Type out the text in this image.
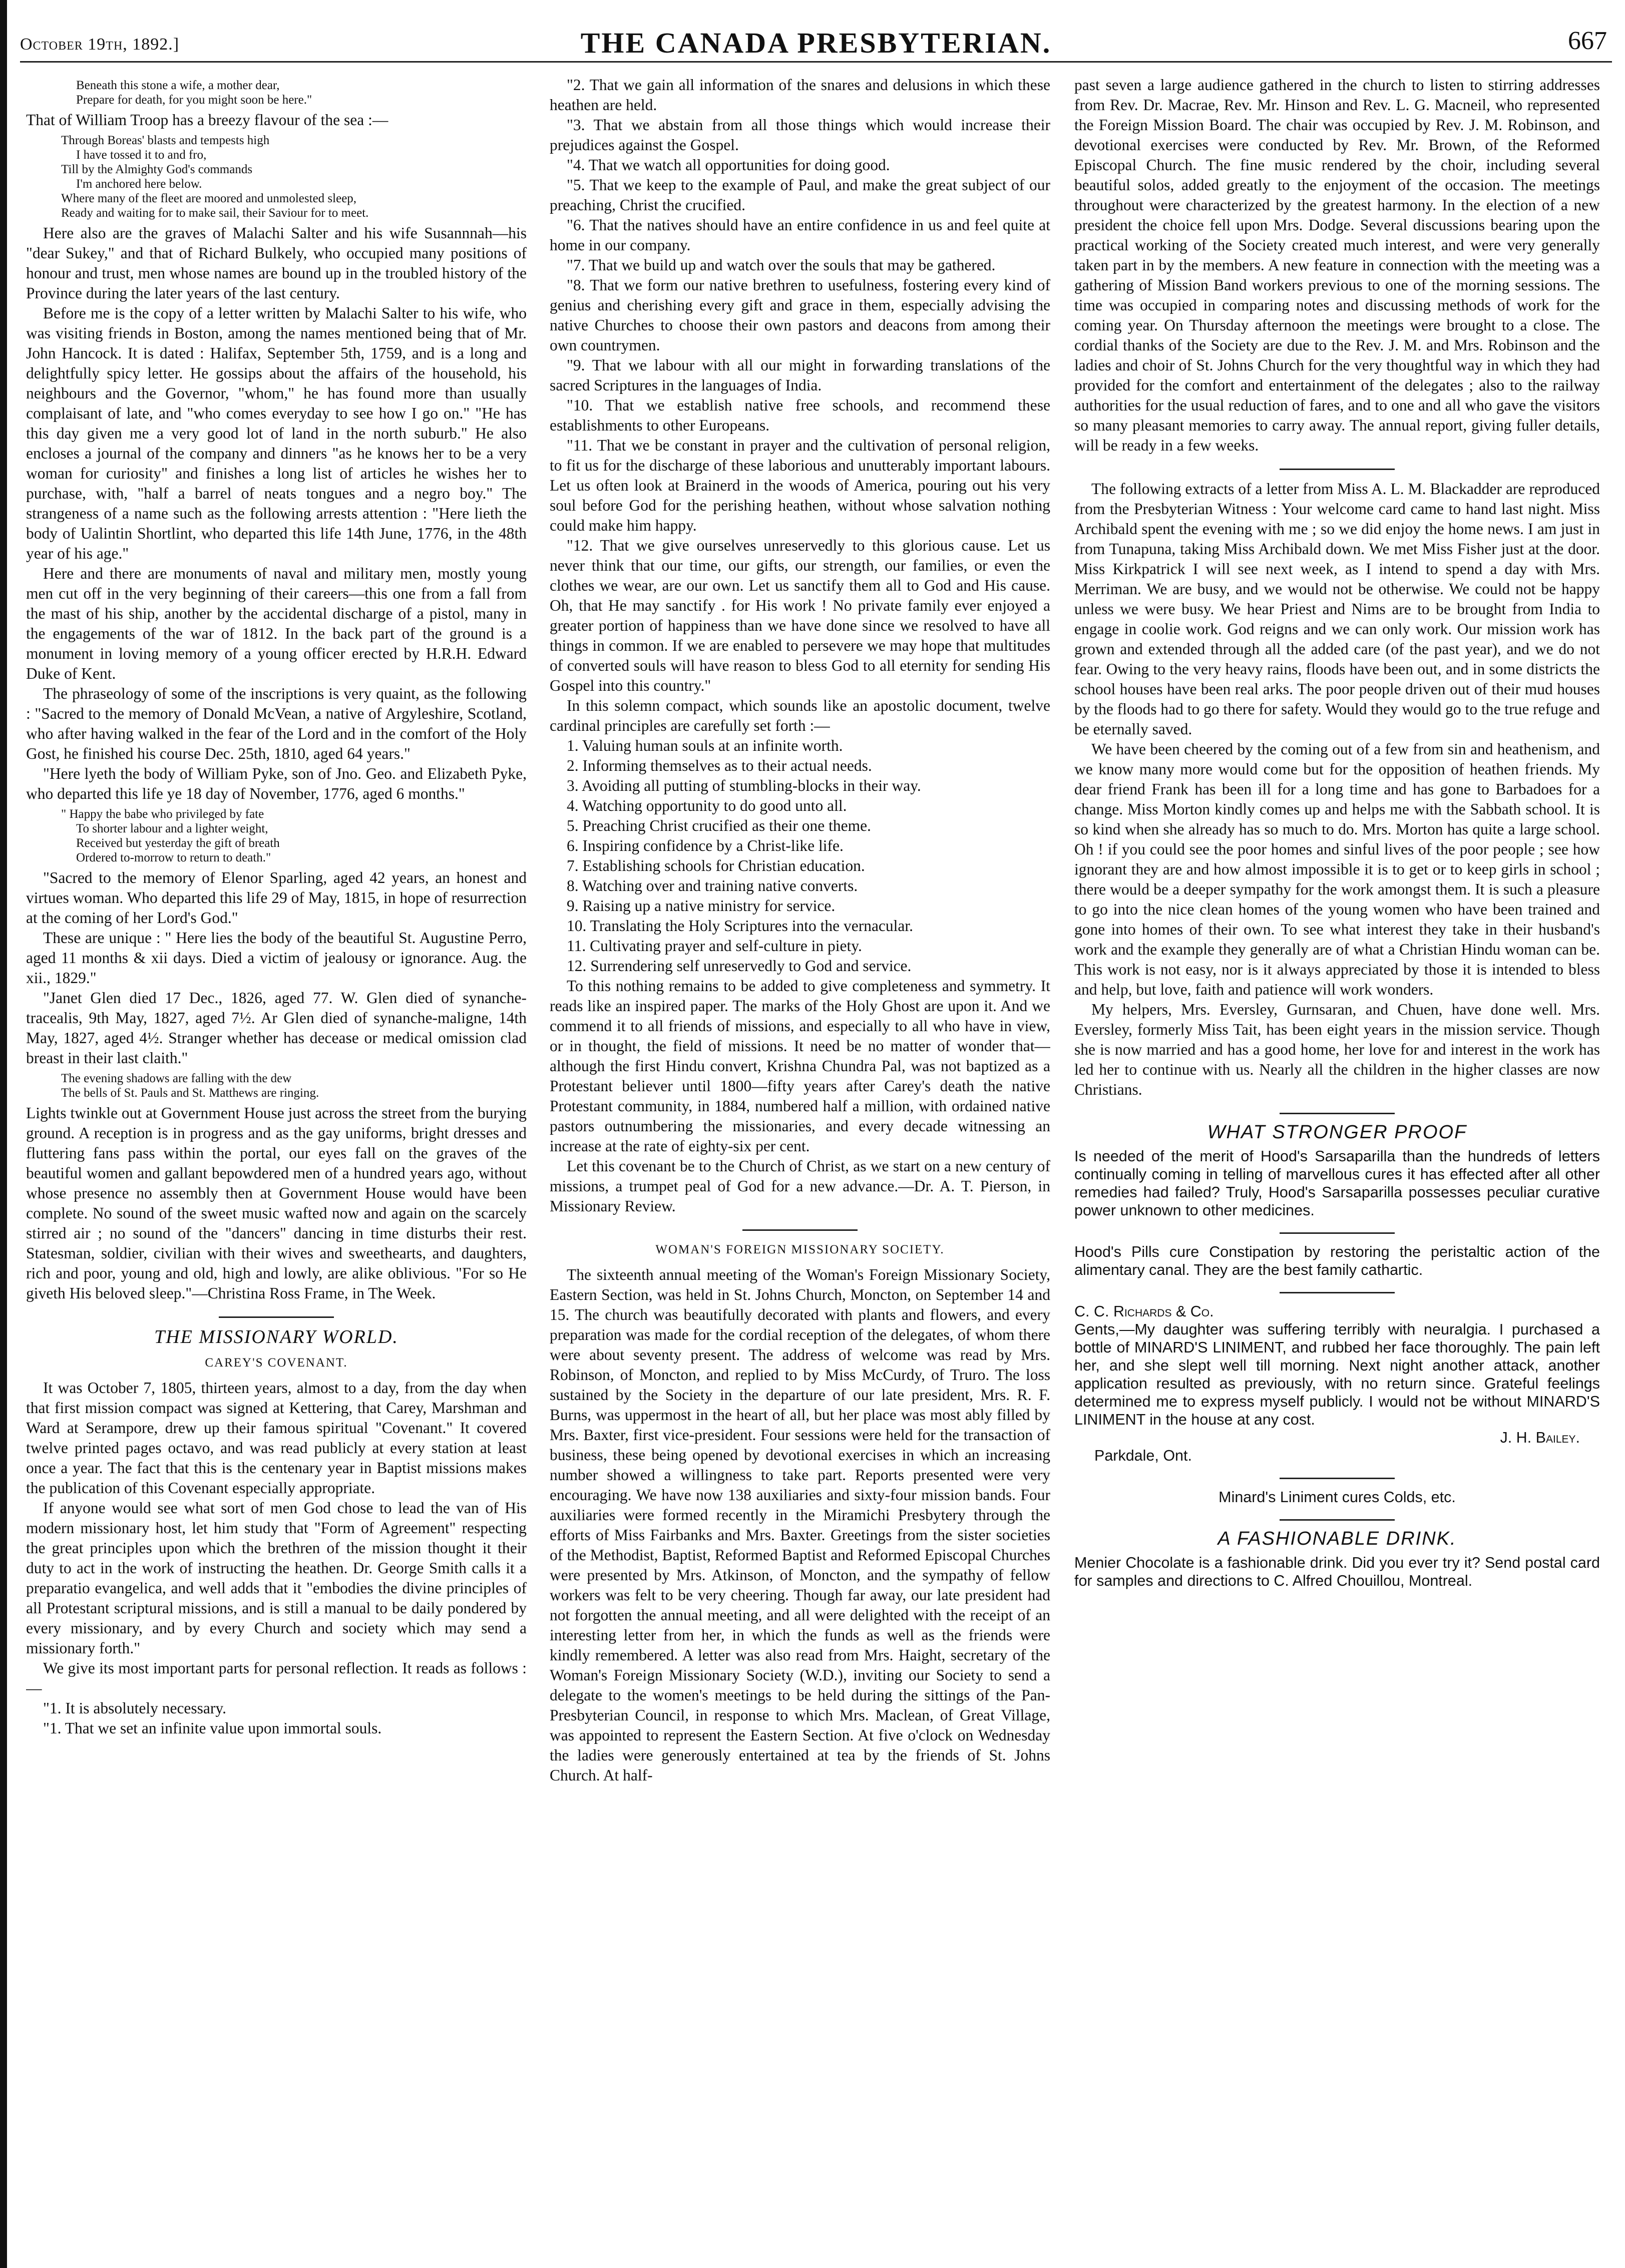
October 19th, 1892.]	THE CANADA PRESBYTERIAN.	667
Beneath this stone a wife, a mother dear,
Prepare for death, for you might soon be here."

That of William Troop has a breezy flavour of the sea :—

Through Boreas' blasts and tempests high
I have tossed it to and fro,
Till by the Almighty God's commands
I'm anchored here below.
Where many of the fleet are moored and unmolested sleep,
Ready and waiting for to make sail, their Saviour for to meet.

Here also are the graves of Malachi Salter and his wife Susannnah—his "dear Sukey," and that of Richard Bulkely, who occupied many positions of honour and trust, men whose names are bound up in the troubled history of the Province during the later years of the last century.

Before me is the copy of a letter written by Malachi Salter to his wife, who was visiting friends in Boston, among the names mentioned being that of Mr. John Hancock. It is dated : Halifax, September 5th, 1759, and is a long and delightfully spicy letter. He gossips about the affairs of the household, his neighbours and the Governor, "whom," he has found more than usually complaisant of late, and "who comes everyday to see how I go on." "He has this day given me a very good lot of land in the north suburb." He also encloses a journal of the company and dinners "as he knows her to be a very woman for curiosity" and finishes a long list of articles he wishes her to purchase, with, "half a barrel of neats tongues and a negro boy." The strangeness of a name such as the following arrests attention : "Here lieth the body of Ualintin Shortlint, who departed this life 14th June, 1776, in the 48th year of his age."

Here and there are monuments of naval and military men, mostly young men cut off in the very beginning of their careers—this one from a fall from the mast of his ship, another by the accidental discharge of a pistol, many in the engagements of the war of 1812. In the back part of the ground is a monument in loving memory of a young officer erected by H.R.H. Edward Duke of Kent.

The phraseology of some of the inscriptions is very quaint, as the following : "Sacred to the memory of Donald McVean, a native of Argyleshire, Scotland, who after having walked in the fear of the Lord and in the comfort of the Holy Gost, he finished his course Dec. 25th, 1810, aged 64 years."

"Here lyeth the body of William Pyke, son of Jno. Geo. and Elizabeth Pyke, who departed this life ye 18 day of November, 1776, aged 6 months."

" Happy the babe who privileged by fate
To shorter labour and a lighter weight,
Received but yesterday the gift of breath
Ordered to-morrow to return to death."

"Sacred to the memory of Elenor Sparling, aged 42 years, an honest and virtues woman. Who departed this life 29 of May, 1815, in hope of resurrection at the coming of her Lord's God."

These are unique : " Here lies the body of the beautiful St. Augustine Perro, aged 11 months & xii days. Died a victim of jealousy or ignorance. Aug. the xii., 1829."

"Janet Glen died 17 Dec., 1826, aged 77. W. Glen died of synanche-tracealis, 9th May, 1827, aged 7½. Ar Glen died of synanche-maligne, 14th May, 1827, aged 4½. Stranger whether has decease or medical omission clad breast in their last claith."

The evening shadows are falling with the dew
The bells of St. Pauls and St. Matthews are ringing.

Lights twinkle out at Government House just across the street from the burying ground. A reception is in progress and as the gay uniforms, bright dresses and fluttering fans pass within the portal, our eyes fall on the graves of the beautiful women and gallant bepowdered men of a hundred years ago, without whose presence no assembly then at Government House would have been complete. No sound of the sweet music wafted now and again on the scarcely stirred air ; no sound of the "dancers" dancing in time disturbs their rest. Statesman, soldier, civilian with their wives and sweethearts, and daughters, rich and poor, young and old, high and lowly, are alike oblivious. "For so He giveth His beloved sleep."—Christina Ross Frame, in The Week.

THE MISSIONARY WORLD.
CAREY'S COVENANT.

It was October 7, 1805, thirteen years, almost to a day, from the day when that first mission compact was signed at Kettering, that Carey, Marshman and Ward at Serampore, drew up their famous spiritual "Covenant." It covered twelve printed pages octavo, and was read publicly at every station at least once a year. The fact that this is the centenary year in Baptist missions makes the publication of this Covenant especially appropriate.

If anyone would see what sort of men God chose to lead the van of His modern missionary host, let him study that "Form of Agreement" respecting the great principles upon which the brethren of the mission thought it their duty to act in the work of instructing the heathen. Dr. George Smith calls it a preparatio evangelica, and well adds that it "embodies the divine principles of all Protestant scriptural missions, and is still a manual to be daily pondered by every missionary, and by every Church and society which may send a missionary forth."

We give its most important parts for personal reflection. It reads as follows :—

"1. It is absolutely necessary.

"1. That we set an infinite value upon immortal souls.

"2. That we gain all information of the snares and delusions in which these heathen are held.

"3. That we abstain from all those things which would increase their prejudices against the Gospel.

"4. That we watch all opportunities for doing good.

"5. That we keep to the example of Paul, and make the great subject of our preaching, Christ the crucified.

"6. That the natives should have an entire confidence in us and feel quite at home in our company.

"7. That we build up and watch over the souls that may be gathered.

"8. That we form our native brethren to usefulness, fostering every kind of genius and cherishing every gift and grace in them, especially advising the native Churches to choose their own pastors and deacons from among their own countrymen.

"9. That we labour with all our might in forwarding translations of the sacred Scriptures in the languages of India.

"10. That we establish native free schools, and recommend these establishments to other Europeans.

"11. That we be constant in prayer and the cultivation of personal religion, to fit us for the discharge of these laborious and unutterably important labours. Let us often look at Brainerd in the woods of America, pouring out his very soul before God for the perishing heathen, without whose salvation nothing could make him happy.

"12. That we give ourselves unreservedly to this glorious cause. Let us never think that our time, our gifts, our strength, our families, or even the clothes we wear, are our own. Let us sanctify them all to God and His cause. Oh, that He may sanctify . for His work ! No private family ever enjoyed a greater portion of happiness than we have done since we resolved to have all things in common. If we are enabled to persevere we may hope that multitudes of converted souls will have reason to bless God to all eternity for sending His Gospel into this country."

In this solemn compact, which sounds like an apostolic document, twelve cardinal principles are carefully set forth :—

1. Valuing human souls at an infinite worth.
2. Informing themselves as to their actual needs.
3. Avoiding all putting of stumbling-blocks in their way.
4. Watching opportunity to do good unto all.
5. Preaching Christ crucified as their one theme.
6. Inspiring confidence by a Christ-like life.
7. Establishing schools for Christian education.
8. Watching over and training native converts.
9. Raising up a native ministry for service.
10. Translating the Holy Scriptures into the vernacular.
11. Cultivating prayer and self-culture in piety.
12. Surrendering self unreservedly to God and service.

To this nothing remains to be added to give completeness and symmetry. It reads like an inspired paper. The marks of the Holy Ghost are upon it. And we commend it to all friends of missions, and especially to all who have in view, or in thought, the field of missions. It need be no matter of wonder that—although the first Hindu convert, Krishna Chundra Pal, was not baptized as a Protestant believer until 1800—fifty years after Carey's death the native Protestant community, in 1884, numbered half a million, with ordained native pastors outnumbering the missionaries, and every decade witnessing an increase at the rate of eighty-six per cent.

Let this covenant be to the Church of Christ, as we start on a new century of missions, a trumpet peal of God for a new advance.—Dr. A. T. Pierson, in Missionary Review.

WOMAN'S FOREIGN MISSIONARY SOCIETY.

The sixteenth annual meeting of the Woman's Foreign Missionary Society, Eastern Section, was held in St. Johns Church, Moncton, on September 14 and 15. The church was beautifully decorated with plants and flowers, and every preparation was made for the cordial reception of the delegates, of whom there were about seventy present. The address of welcome was read by Mrs. Robinson, of Moncton, and replied to by Miss McCurdy, of Truro. The loss sustained by the Society in the departure of our late president, Mrs. R. F. Burns, was uppermost in the heart of all, but her place was most ably filled by Mrs. Baxter, first vice-president. Four sessions were held for the transaction of business, these being opened by devotional exercises in which an increasing number showed a willingness to take part. Reports presented were very encouraging. We have now 138 auxiliaries and sixty-four mission bands. Four auxiliaries were formed recently in the Miramichi Presbytery through the efforts of Miss Fairbanks and Mrs. Baxter. Greetings from the sister societies of the Methodist, Baptist, Reformed Baptist and Reformed Episcopal Churches were presented by Mrs. Atkinson, of Moncton, and the sympathy of fellow workers was felt to be very cheering. Though far away, our late president had not forgotten the annual meeting, and all were delighted with the receipt of an interesting letter from her, in which the funds as well as the friends were kindly remembered. A letter was also read from Mrs. Haight, secretary of the Woman's Foreign Missionary Society (W.D.), inviting our Society to send a delegate to the women's meetings to be held during the sittings of the Pan-Presbyterian Council, in response to which Mrs. Maclean, of Great Village, was appointed to represent the Eastern Section. At five o'clock on Wednesday the ladies were generously entertained at tea by the friends of St. Johns Church. At half-

past seven a large audience gathered in the church to listen to stirring addresses from Rev. Dr. Macrae, Rev. Mr. Hinson and Rev. L. G. Macneil, who represented the Foreign Mission Board. The chair was occupied by Rev. J. M. Robinson, and devotional exercises were conducted by Rev. Mr. Brown, of the Reformed Episcopal Church. The fine music rendered by the choir, including several beautiful solos, added greatly to the enjoyment of the occasion. The meetings throughout were characterized by the greatest harmony. In the election of a new president the choice fell upon Mrs. Dodge. Several discussions bearing upon the practical working of the Society created much interest, and were very generally taken part in by the members. A new feature in connection with the meeting was a gathering of Mission Band workers previous to one of the morning sessions. The time was occupied in comparing notes and discussing methods of work for the coming year. On Thursday afternoon the meetings were brought to a close. The cordial thanks of the Society are due to the Rev. J. M. and Mrs. Robinson and the ladies and choir of St. Johns Church for the very thoughtful way in which they had provided for the comfort and entertainment of the delegates ; also to the railway authorities for the usual reduction of fares, and to one and all who gave the visitors so many pleasant memories to carry away. The annual report, giving fuller details, will be ready in a few weeks.

The following extracts of a letter from Miss A. L. M. Blackadder are reproduced from the Presbyterian Witness : Your welcome card came to hand last night. Miss Archibald spent the evening with me ; so we did enjoy the home news. I am just in from Tunapuna, taking Miss Archibald down. We met Miss Fisher just at the door. Miss Kirkpatrick I will see next week, as I intend to spend a day with Mrs. Merriman. We are busy, and we would not be otherwise. We could not be happy unless we were busy. We hear Priest and Nims are to be brought from India to engage in coolie work. God reigns and we can only work. Our mission work has grown and extended through all the added care (of the past year), and we do not fear. Owing to the very heavy rains, floods have been out, and in some districts the school houses have been real arks. The poor people driven out of their mud houses by the floods had to go there for safety. Would they would go to the true refuge and be eternally saved.

We have been cheered by the coming out of a few from sin and heathenism, and we know many more would come but for the opposition of heathen friends. My dear friend Frank has been ill for a long time and has gone to Barbadoes for a change. Miss Morton kindly comes up and helps me with the Sabbath school. It is so kind when she already has so much to do. Mrs. Morton has quite a large school. Oh ! if you could see the poor homes and sinful lives of the poor people ; see how ignorant they are and how almost impossible it is to get or to keep girls in school ; there would be a deeper sympathy for the work amongst them. It is such a pleasure to go into the nice clean homes of the young women who have been trained and gone into homes of their own. To see what interest they take in their husband's work and the example they generally are of what a Christian Hindu woman can be. This work is not easy, nor is it always appreciated by those it is intended to bless and help, but love, faith and patience will work wonders.

My helpers, Mrs. Eversley, Gurnsaran, and Chuen, have done well. Mrs. Eversley, formerly Miss Tait, has been eight years in the mission service. Though she is now married and has a good home, her love for and interest in the work has led her to continue with us. Nearly all the children in the higher classes are now Christians.

WHAT STRONGER PROOF

Is needed of the merit of Hood's Sarsaparilla than the hundreds of letters continually coming in telling of marvellous cures it has effected after all other remedies had failed? Truly, Hood's Sarsaparilla possesses peculiar curative power unknown to other medicines.

Hood's Pills cure Constipation by restoring the peristaltic action of the alimentary canal. They are the best family cathartic.

C. C. Richards & Co.

Gents,—My daughter was suffering terribly with neuralgia. I purchased a bottle of MINARD'S LINIMENT, and rubbed her face thoroughly. The pain left her, and she slept well till morning. Next night another attack, another application resulted as previously, with no return since. Grateful feelings determined me to express myself publicly. I would not be without MINARD'S LINIMENT in the house at any cost.

J. H. Bailey.

Parkdale, Ont.

Minard's Liniment cures Colds, etc.

A FASHIONABLE DRINK.

Menier Chocolate is a fashionable drink. Did you ever try it? Send postal card for samples and directions to C. Alfred Chouillou, Montreal.
